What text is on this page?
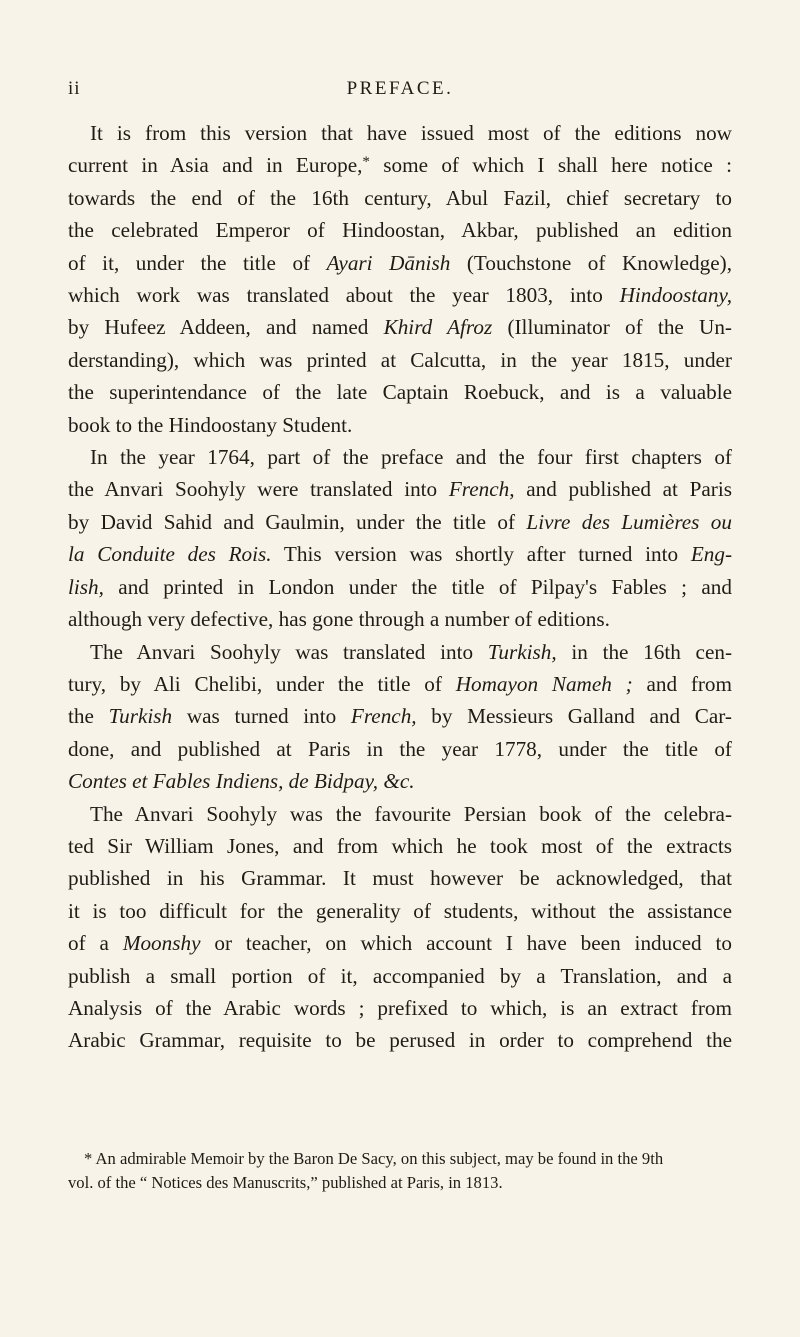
ii	PREFACE.
It is from this version that have issued most of the editions now
current in Asia and in Europe,* some of which I shall here notice :
towards the end of the 16th century, Abul Fazil, chief secretary to
the celebrated Emperor of Hindoostan, Akbar, published an edition
of it, under the title of Ayari Dānish (Touchstone of Knowledge),
which work was translated about the year 1803, into Hindoostany,
by Hufeez Addeen, and named Khird Afroz (Illuminator of the Un-
derstanding), which was printed at Calcutta, in the year 1815, under
the superintendance of the late Captain Roebuck, and is a valuable
book to the Hindoostany Student.
In the year 1764, part of the preface and the four first chapters of
the Anvari Soohyly were translated into French, and published at Paris
by David Sahid and Gaulmin, under the title of Livre des Lumières ou
la Conduite des Rois. This version was shortly after turned into Eng-
lish, and printed in London under the title of Pilpay's Fables ; and
although very defective, has gone through a number of editions.
The Anvari Soohyly was translated into Turkish, in the 16th cen-
tury, by Ali Chelibi, under the title of Homayon Nameh ; and from
the Turkish was turned into French, by Messieurs Galland and Car-
done, and published at Paris in the year 1778, under the title of
Contes et Fables Indiens, de Bidpay, &c.
The Anvari Soohyly was the favourite Persian book of the celebra-
ted Sir William Jones, and from which he took most of the extracts
published in his Grammar. It must however be acknowledged, that
it is too difficult for the generality of students, without the assistance
of a Moonshy or teacher, on which account I have been induced to
publish a small portion of it, accompanied by a Translation, and a
Analysis of the Arabic words ; prefixed to which, is an extract from
Arabic Grammar, requisite to be perused in order to comprehend the
* An admirable Memoir by the Baron De Sacy, on this subject, may be found in the 9th
vol. of the “ Notices des Manuscrits,” published at Paris, in 1813.
